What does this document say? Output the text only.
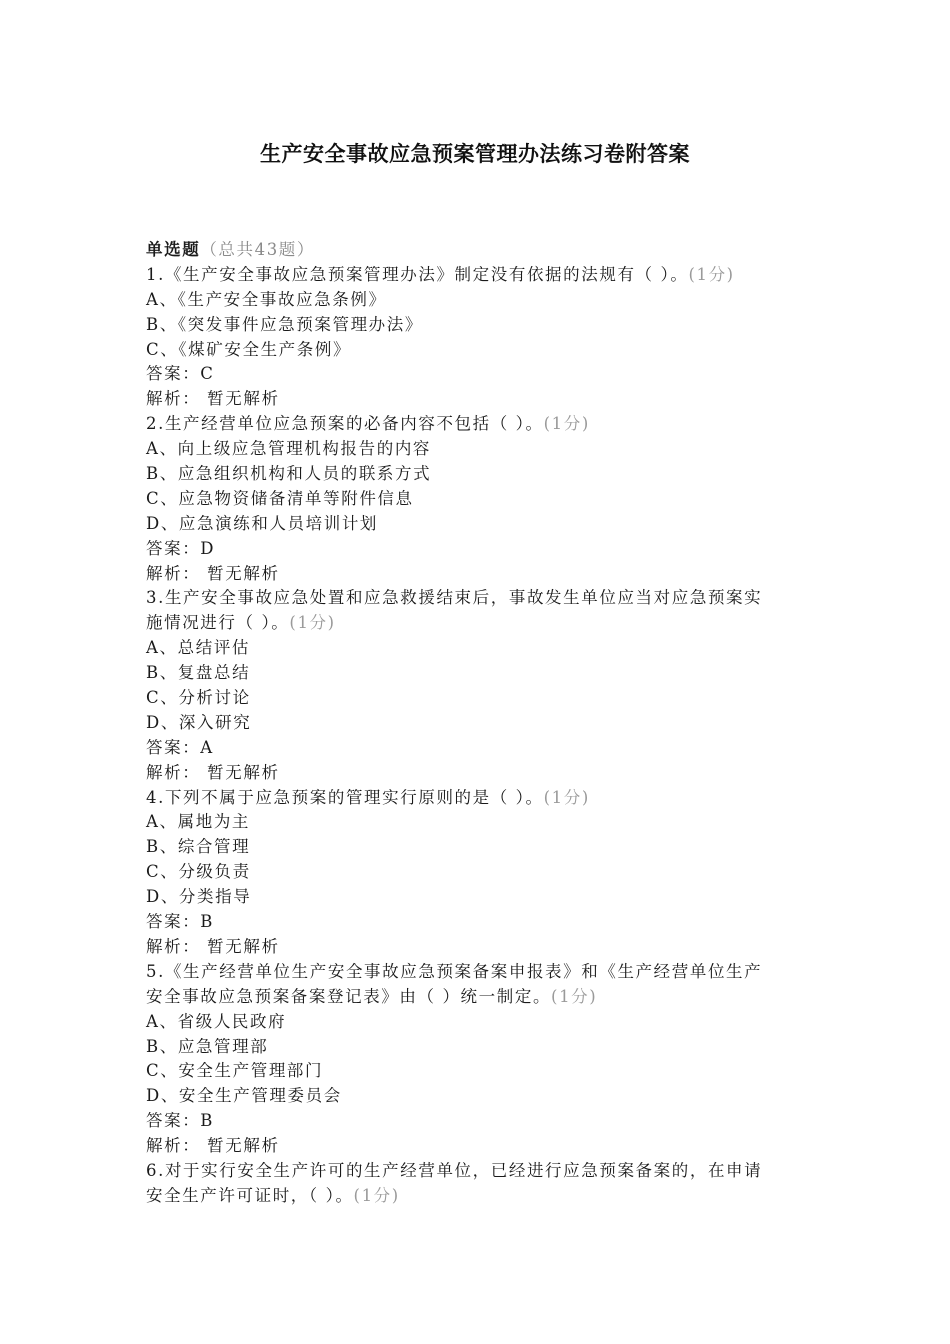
生产安全事故应急预案管理办法练习卷附答案
单选题（总共43题）
1.《生产安全事故应急预案管理办法》制定没有依据的法规有（ ）。(1分)
A、《生产安全事故应急条例》
B、《突发事件应急预案管理办法》
C、《煤矿安全生产条例》
答案：C
解析： 暂无解析
2.生产经营单位应急预案的必备内容不包括（ ）。(1分)
A、向上级应急管理机构报告的内容
B、应急组织机构和人员的联系方式
C、应急物资储备清单等附件信息
D、应急演练和人员培训计划
答案：D
解析： 暂无解析
3.生产安全事故应急处置和应急救援结束后，事故发生单位应当对应急预案实
施情况进行（ ）。(1分)
A、总结评估
B、复盘总结
C、分析讨论
D、深入研究
答案：A
解析： 暂无解析
4.下列不属于应急预案的管理实行原则的是（ ）。(1分)
A、属地为主
B、综合管理
C、分级负责
D、分类指导
答案：B
解析： 暂无解析
5.《生产经营单位生产安全事故应急预案备案申报表》和《生产经营单位生产
安全事故应急预案备案登记表》由（ ）统一制定。(1分)
A、省级人民政府
B、应急管理部
C、安全生产管理部门
D、安全生产管理委员会
答案：B
解析： 暂无解析
6.对于实行安全生产许可的生产经营单位，已经进行应急预案备案的，在申请
安全生产许可证时，（ ）。(1分)
